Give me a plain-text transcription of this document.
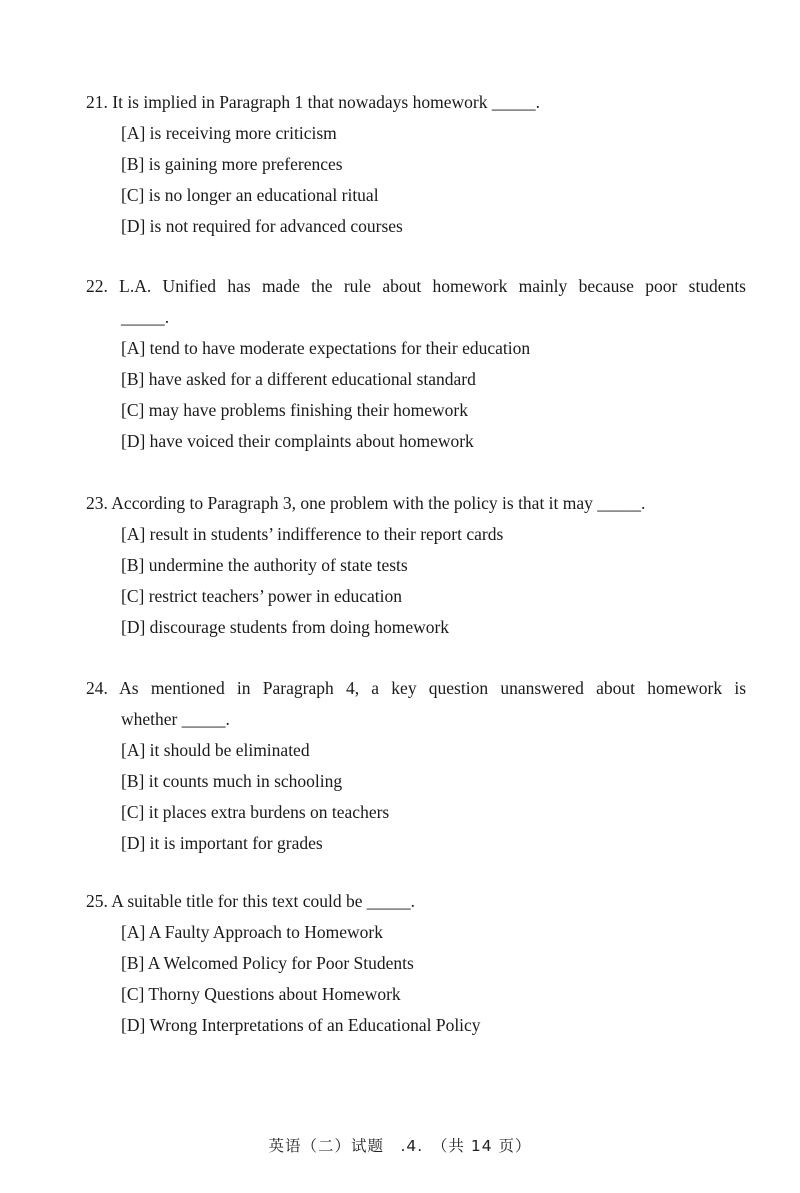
21. It is implied in Paragraph 1 that nowadays homework _____.

[A] is receiving more criticism
[B] is gaining more preferences
[C] is no longer an educational ritual
[D] is not required for advanced courses

22. L.A. Unified has made the rule about homework mainly because poor students

_____.

[A] tend to have moderate expectations for their education
[B] have asked for a different educational standard
[C] may have problems finishing their homework
[D] have voiced their complaints about homework

23. According to Paragraph 3, one problem with the policy is that it may _____.

[A] result in students’ indifference to their report cards
[B] undermine the authority of state tests
[C] restrict teachers’ power in education
[D] discourage students from doing homework

24. As mentioned in Paragraph 4, a key question unanswered about homework is

whether _____.

[A] it should be eliminated
[B] it counts much in schooling
[C] it places extra burdens on teachers
[D] it is important for grades

25. A suitable title for this text could be _____.

[A] A Faulty Approach to Homework
[B] A Welcomed Policy for Poor Students
[C] Thorny Questions about Homework
[D] Wrong Interpretations of an Educational Policy
英语（二）试题　.4.　（共 14 页）
